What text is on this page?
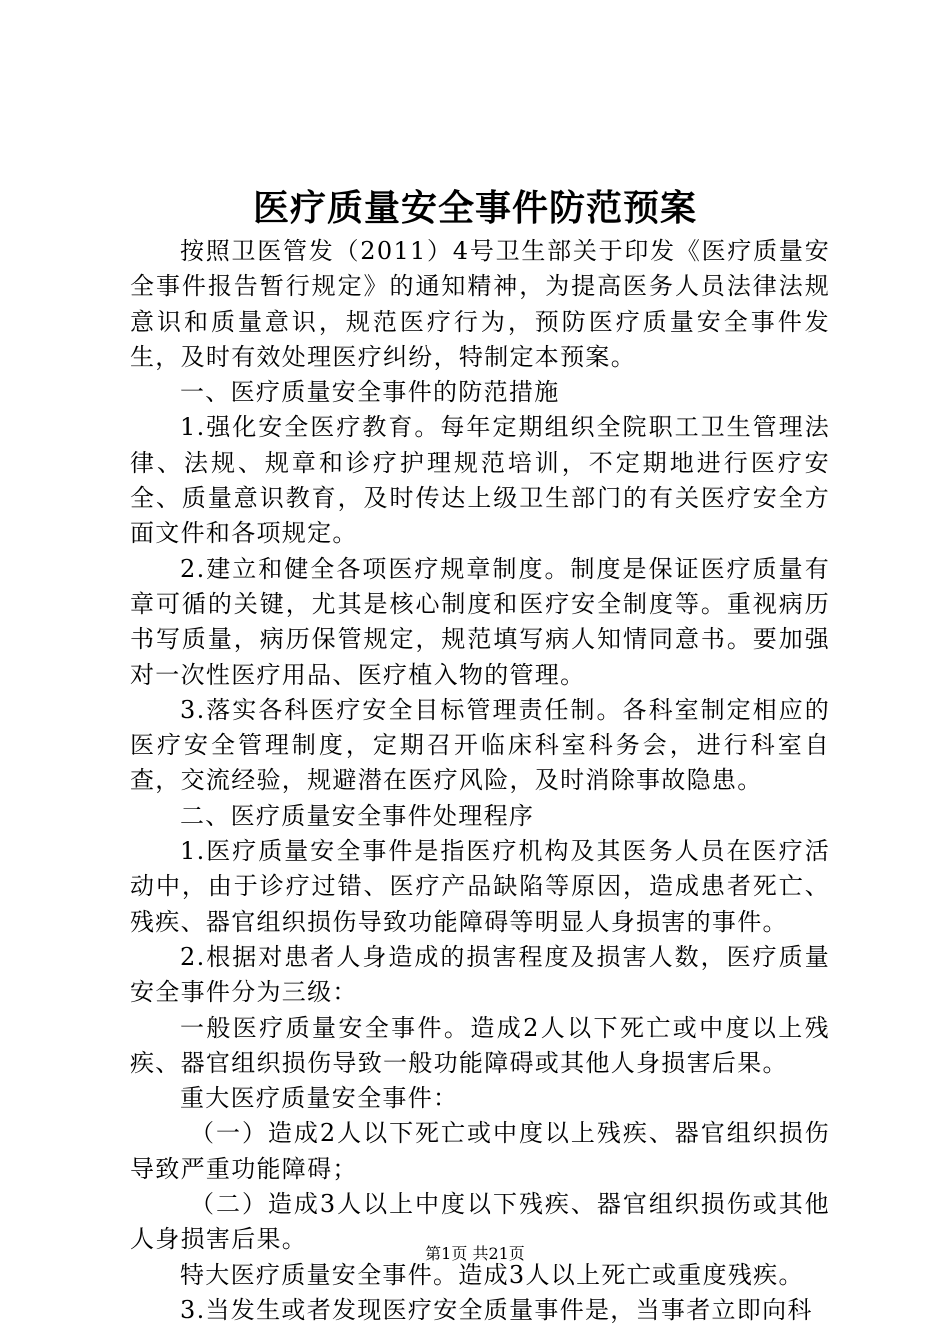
医疗质量安全事件防范预案

按照卫医管发（2011）4号卫生部关于印发《医疗质量安全事件报告暂行规定》的通知精神，为提高医务人员法律法规意识和质量意识，规范医疗行为，预防医疗质量安全事件发生，及时有效处理医疗纠纷，特制定本预案。

一、医疗质量安全事件的防范措施

1.强化安全医疗教育。每年定期组织全院职工卫生管理法律、法规、规章和诊疗护理规范培训，不定期地进行医疗安全、质量意识教育，及时传达上级卫生部门的有关医疗安全方面文件和各项规定。

2.建立和健全各项医疗规章制度。制度是保证医疗质量有章可循的关键，尤其是核心制度和医疗安全制度等。重视病历书写质量，病历保管规定，规范填写病人知情同意书。要加强对一次性医疗用品、医疗植入物的管理。

3.落实各科医疗安全目标管理责任制。各科室制定相应的医疗安全管理制度，定期召开临床科室科务会，进行科室自查，交流经验，规避潜在医疗风险，及时消除事故隐患。

二、医疗质量安全事件处理程序

1.医疗质量安全事件是指医疗机构及其医务人员在医疗活动中，由于诊疗过错、医疗产品缺陷等原因，造成患者死亡、残疾、器官组织损伤导致功能障碍等明显人身损害的事件。

2.根据对患者人身造成的损害程度及损害人数，医疗质量安全事件分为三级：

一般医疗质量安全事件。造成2人以下死亡或中度以上残疾、器官组织损伤导致一般功能障碍或其他人身损害后果。

重大医疗质量安全事件：

（一）造成2人以下死亡或中度以上残疾、器官组织损伤导致严重功能障碍；

（二）造成3人以上中度以下残疾、器官组织损伤或其他人身损害后果。

特大医疗质量安全事件。造成3人以上死亡或重度残疾。

3.当发生或者发现医疗安全质量事件是，当事者立即向科

第1页 共21页
